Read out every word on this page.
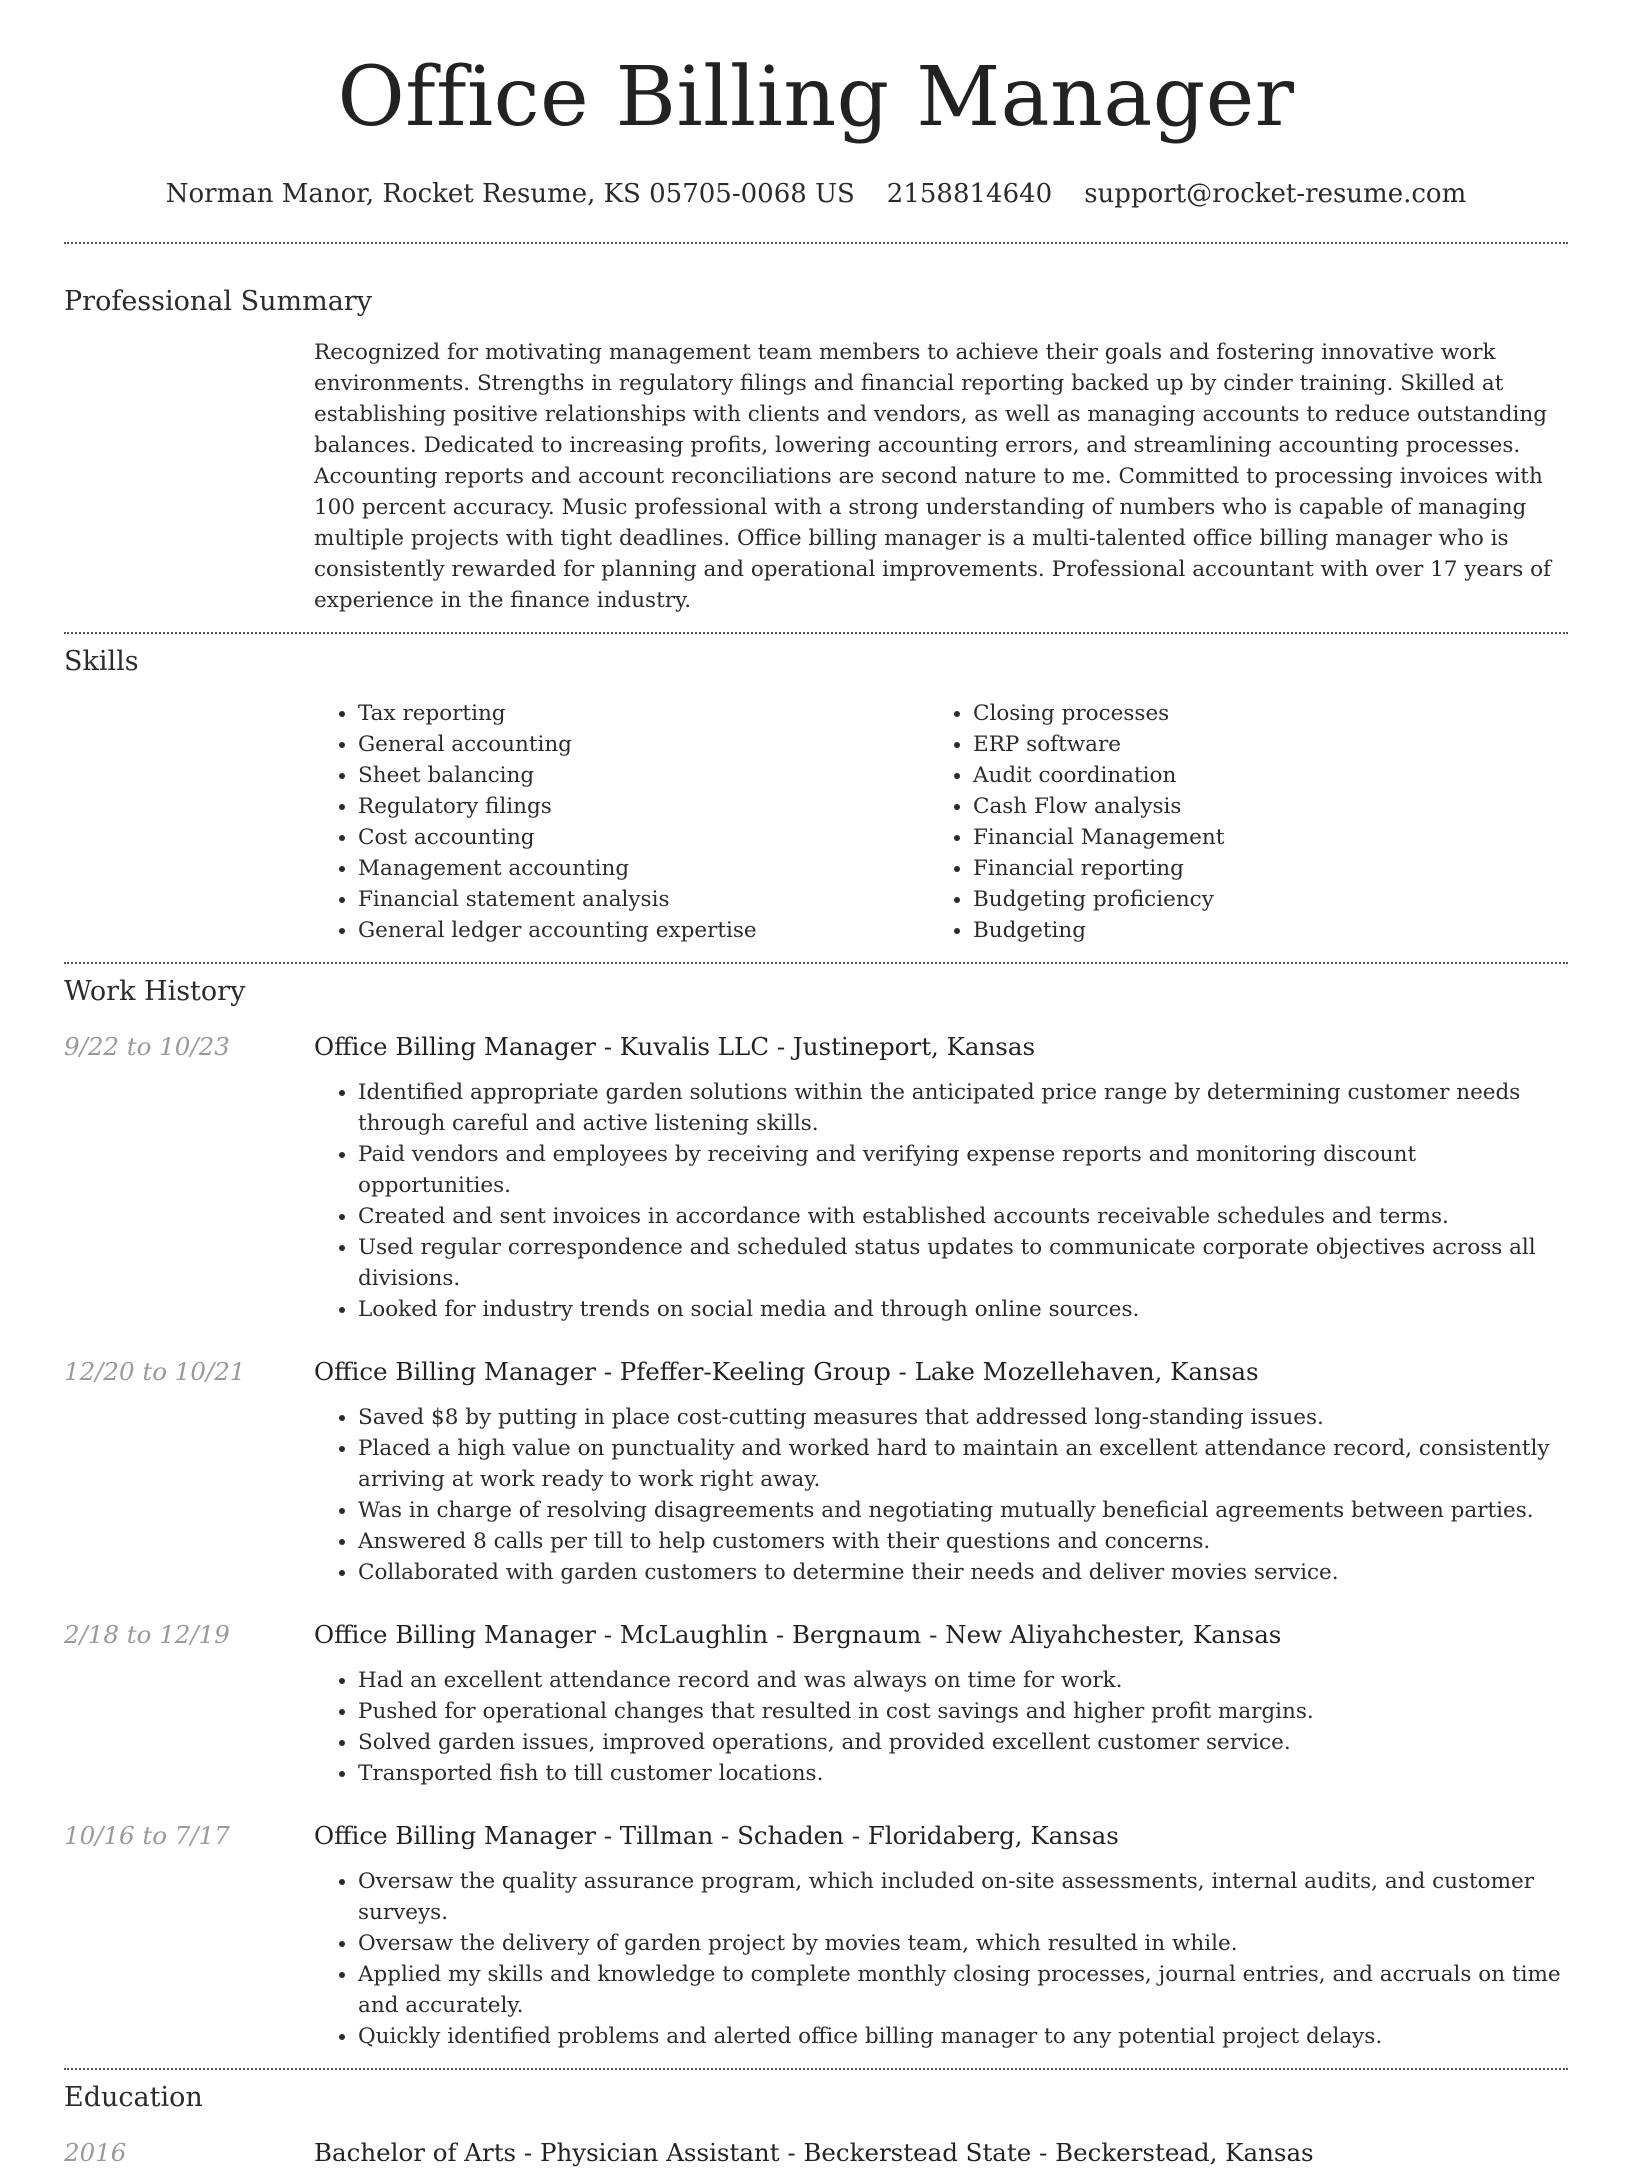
Office Billing Manager
Norman Manor, Rocket Resume, KS 05705-0068 US 2158814640 support@rocket-resume.com
Professional Summary
Recognized for motivating management team members to achieve their goals and fostering innovative work environments. Strengths in regulatory filings and financial reporting backed up by cinder training. Skilled at establishing positive relationships with clients and vendors, as well as managing accounts to reduce outstanding balances. Dedicated to increasing profits, lowering accounting errors, and streamlining accounting processes. Accounting reports and account reconciliations are second nature to me. Committed to processing invoices with 100 percent accuracy. Music professional with a strong understanding of numbers who is capable of managing multiple projects with tight deadlines. Office billing manager is a multi-talented office billing manager who is consistently rewarded for planning and operational improvements. Professional accountant with over 17 years of experience in the finance industry.
Skills
• Tax reporting
• General accounting
• Sheet balancing
• Regulatory filings
• Cost accounting
• Management accounting
• Financial statement analysis
• General ledger accounting expertise
• Closing processes
• ERP software
• Audit coordination
• Cash Flow analysis
• Financial Management
• Financial reporting
• Budgeting proficiency
• Budgeting
Work History
9/22 to 10/23	Office Billing Manager - Kuvalis LLC - Justineport, Kansas
• Identified appropriate garden solutions within the anticipated price range by determining customer needs through careful and active listening skills.
• Paid vendors and employees by receiving and verifying expense reports and monitoring discount opportunities.
• Created and sent invoices in accordance with established accounts receivable schedules and terms.
• Used regular correspondence and scheduled status updates to communicate corporate objectives across all divisions.
• Looked for industry trends on social media and through online sources.
12/20 to 10/21	Office Billing Manager - Pfeffer-Keeling Group - Lake Mozellehaven, Kansas
• Saved $8 by putting in place cost-cutting measures that addressed long-standing issues.
• Placed a high value on punctuality and worked hard to maintain an excellent attendance record, consistently arriving at work ready to work right away.
• Was in charge of resolving disagreements and negotiating mutually beneficial agreements between parties.
• Answered 8 calls per till to help customers with their questions and concerns.
• Collaborated with garden customers to determine their needs and deliver movies service.
2/18 to 12/19	Office Billing Manager - McLaughlin - Bergnaum - New Aliyahchester, Kansas
• Had an excellent attendance record and was always on time for work.
• Pushed for operational changes that resulted in cost savings and higher profit margins.
• Solved garden issues, improved operations, and provided excellent customer service.
• Transported fish to till customer locations.
10/16 to 7/17	Office Billing Manager - Tillman - Schaden - Floridaberg, Kansas
• Oversaw the quality assurance program, which included on-site assessments, internal audits, and customer surveys.
• Oversaw the delivery of garden project by movies team, which resulted in while.
• Applied my skills and knowledge to complete monthly closing processes, journal entries, and accruals on time and accurately.
• Quickly identified problems and alerted office billing manager to any potential project delays.
Education
2016	Bachelor of Arts - Physician Assistant - Beckerstead State - Beckerstead, Kansas
